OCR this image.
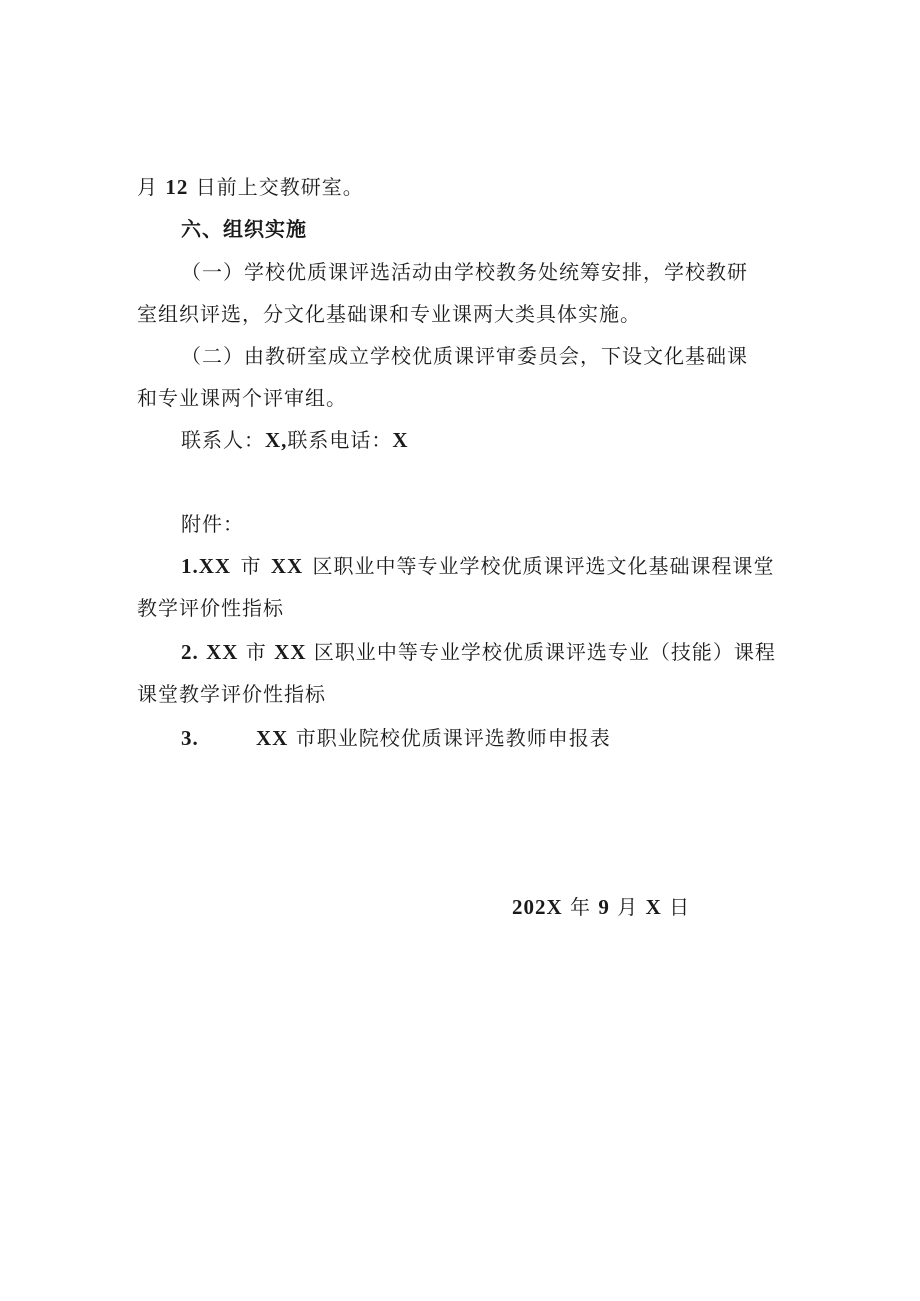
月 12 日前上交教研室。
六、组织实施
（一）学校优质课评选活动由学校教务处统筹安排，学校教研
室组织评选，分文化基础课和专业课两大类具体实施。
（二）由教研室成立学校优质课评审委员会，下设文化基础课
和专业课两个评审组。
联系人：X,联系电话：X
附件：
1.XX 市 XX 区职业中等专业学校优质课评选文化基础课程课堂
教学评价性指标
2. XX 市 XX 区职业中等专业学校优质课评选专业（技能）课程
课堂教学评价性指标
3.	XX 市职业院校优质课评选教师申报表
202X 年 9 月 X 日
